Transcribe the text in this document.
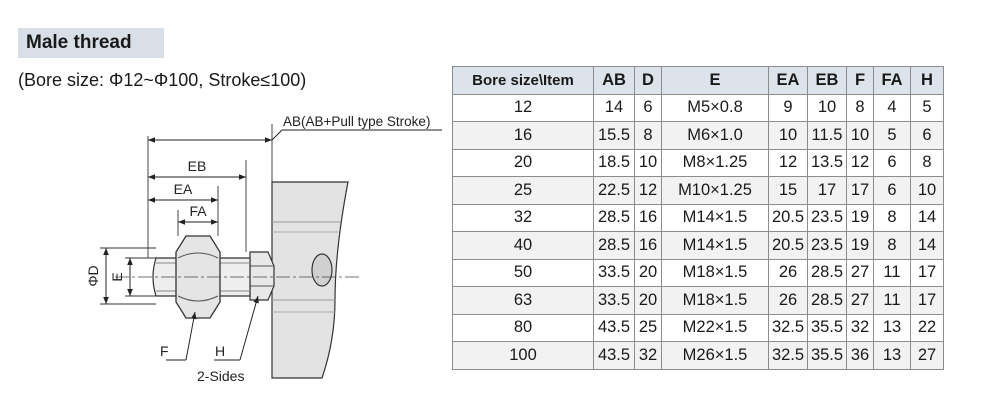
Male thread
(Bore size: Φ12~Φ100, Stroke≤100)
AB(AB+Pull type Stroke)
EB
EA
FA
ΦD E
F	H
2-Sides
Bore size\Item	AB	D	E	EA	EB	F	FA	H
12	14	6	M5×0.8	9	10	8	4	5
16	15.5	8	M6×1.0	10	11.5	10	5	6
20	18.5	10	M8×1.25	12	13.5	12	6	8
25	22.5	12	M10×1.25	15	17	17	6	10
32	28.5	16	M14×1.5	20.5	23.5	19	8	14
40	28.5	16	M14×1.5	20.5	23.5	19	8	14
50	33.5	20	M18×1.5	26	28.5	27	11	17
63	33.5	20	M18×1.5	26	28.5	27	11	17
80	43.5	25	M22×1.5	32.5	35.5	32	13	22
100	43.5	32	M26×1.5	32.5	35.5	36	13	27
